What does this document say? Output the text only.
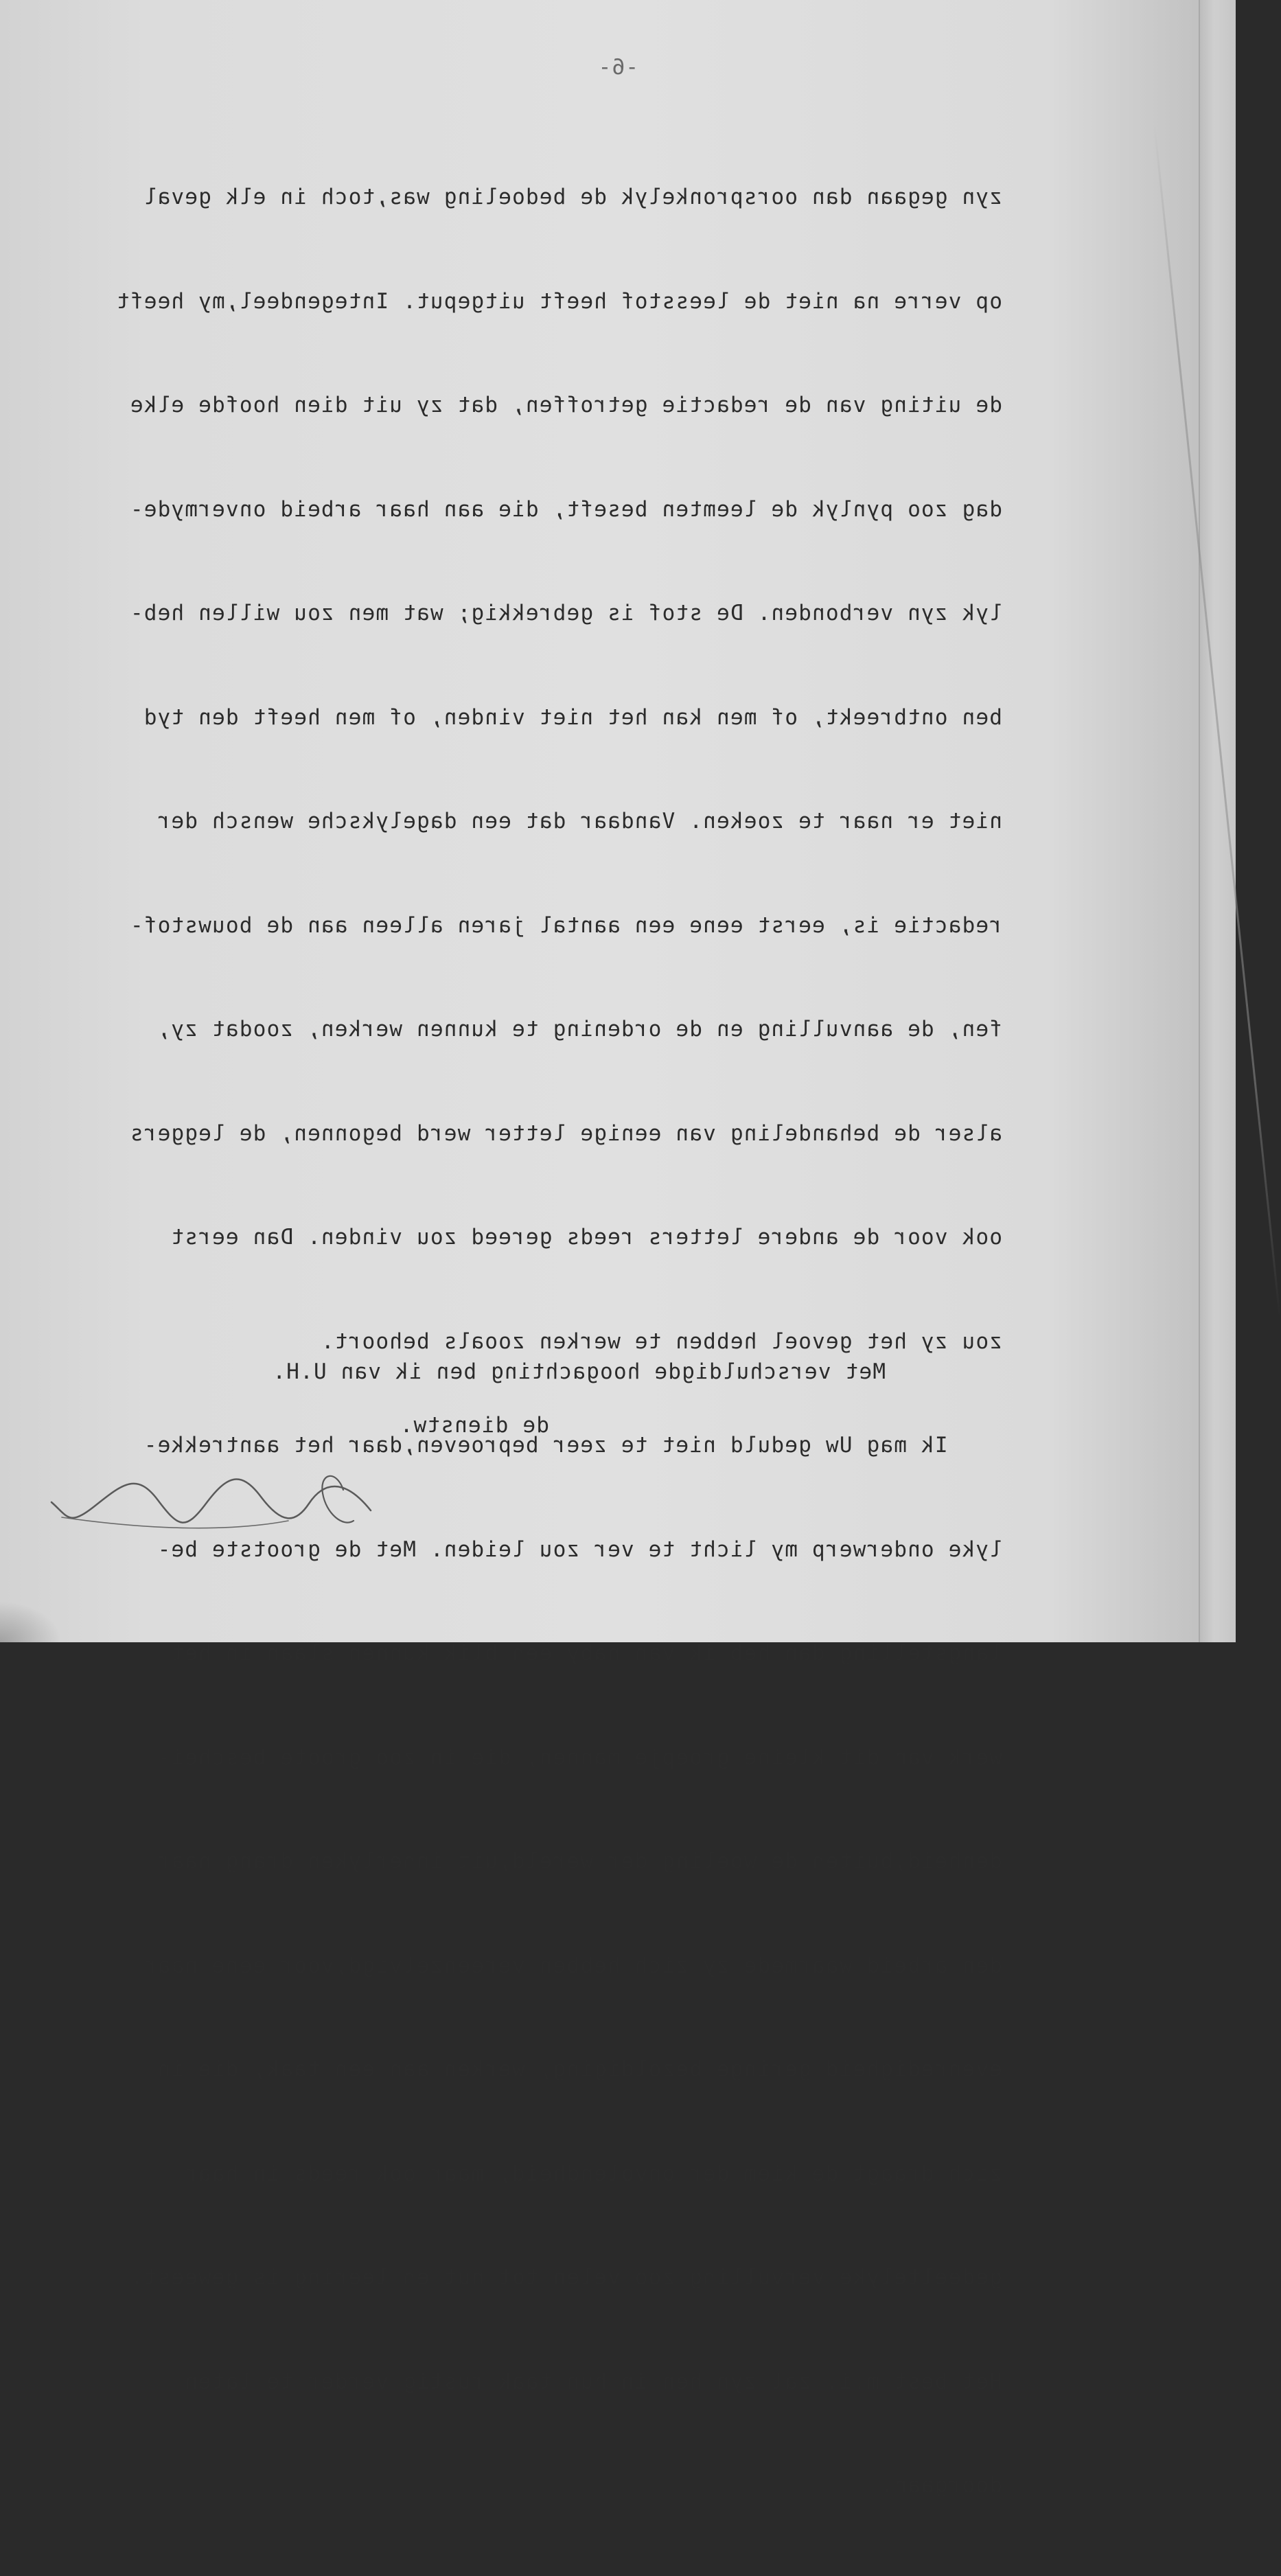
-6-

zyn gegaan dan oorspronkelyk de bedoeling was,toch in elk geval

op verre na niet de leesstof heeft uitgeput. Integendeel,my heeft

de uiting van de redactie getroffen, dat zy uit dien hoofde elke

dag zoo pynlyk de leemten beseft, die aan haar arbeid onvermyde-

lyk zyn verbonden. De stof is gebrekkig; wat men zou willen heb-

ben ontbreekt, of men kan het niet vinden, of men heeft den tyd

niet er naar te zoeken. Vandaar dat een dagelyksche wensch der

redactie is, eerst eene een aantal jaren alleen aan de bouwstof-

fen, de aanvulling en de ordening te kunnen werken, zoodat zy,

alser de behandeling van eenige letter werd begonnen, de leggers

ook voor de andere letters reeds gereed zou vinden. Dan eerst

zou zy het gevoel hebben te werken zooals behoort.

Ik mag Uw geduld niet te zeer beproeven,daar het aantrekke-

lyke onderwerp my licht te ver zou leiden. Met de grootste be-

langstelling dan heb ik van naby een blik kunnen slaan in het

werk van dit kleine groepje mannen, die in zoo groote beschei-

denheid,buiten de woeling der wereld,uit innerlyken drang naar

den arbeid waarmede zy zich hebben vereenzelvigd,voor eene naar

evenredigheid geringe bezoldiging, werken aan een taak, die in

zich draagt de kiem der onvolendheid, maar ook reeds in haar

gedeeltelyke vervulling zoo velen tot nut en leering is geweest.

Het best m.i. zal zyn hen in hun taak rustig verder te laten

doorgaan.

Met verschuldigde hoogachting ben ik van U.H.
de dienstw.
